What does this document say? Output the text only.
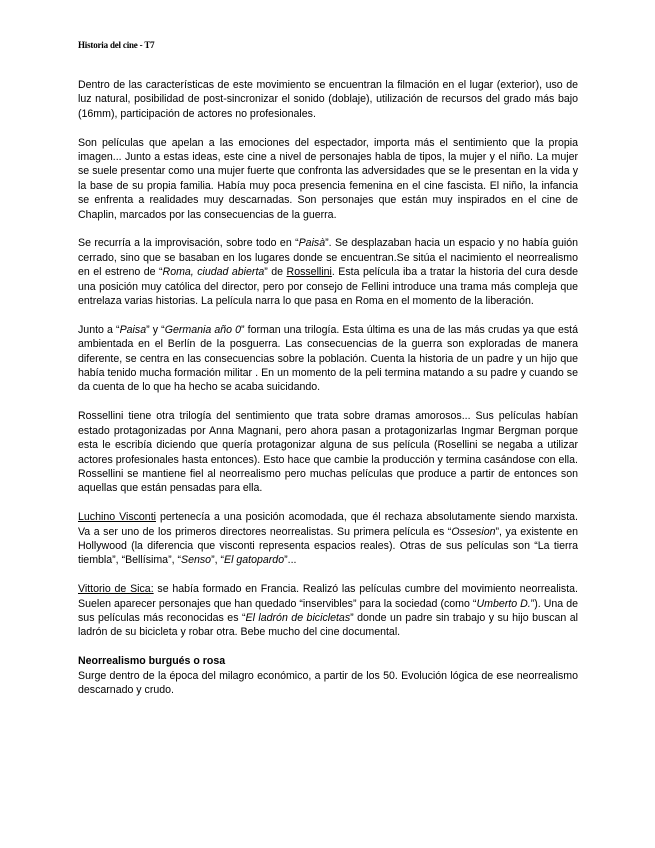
Historia del cine - T7

Dentro de las características de este movimiento se encuentran la filmación en el lugar (exterior), uso de luz natural, posibilidad de post-sincronizar el sonido (doblaje), utilización de recursos del grado más bajo (16mm), participación de actores no profesionales.

Son películas que apelan a las emociones del espectador, importa más el sentimiento que la propia imagen... Junto a estas ideas, este cine a nivel de personajes habla de tipos, la mujer y el niño. La mujer se suele presentar como una mujer fuerte que confronta las adversidades que se le presentan en la vida y la base de su propia familia. Había muy poca presencia femenina en el cine fascista. El niño, la infancia se enfrenta a realidades muy descarnadas. Son personajes que están muy inspirados en el cine de Chaplin, marcados por las consecuencias de la guerra.

Se recurría a la improvisación, sobre todo en “Paisà”. Se desplazaban hacia un espacio y no había guión cerrado, sino que se basaban en los lugares donde se encuentran.Se sitúa el nacimiento el neorrealismo en el estreno de “Roma, ciudad abierta” de Rossellini. Esta película iba a tratar la historia del cura desde una posición muy católica del director, pero por consejo de Fellini introduce una trama más compleja que entrelaza varias historias. La película narra lo que pasa en Roma en el momento de la liberación.

Junto a “Paisa” y “Germania año 0” forman una trilogía. Esta última es una de las más crudas ya que está ambientada en el Berlín de la posguerra. Las consecuencias de la guerra son exploradas de manera diferente, se centra en las consecuencias sobre la población. Cuenta la historia de un padre y un hijo que había tenido mucha formación militar . En un momento de la peli termina matando a su padre y cuando se da cuenta de lo que ha hecho se acaba suicidando.

Rossellini tiene otra trilogía del sentimiento que trata sobre dramas amorosos... Sus películas habían estado protagonizadas por Anna Magnani, pero ahora pasan a protagonizarlas Ingmar Bergman porque esta le escribía diciendo que quería protagonizar alguna de sus película (Rosellini se negaba a utilizar actores profesionales hasta entonces). Esto hace que cambie la producción y termina casándose con ella. Rossellini se mantiene fiel al neorrealismo pero muchas películas que produce a partir de entonces son aquellas que están pensadas para ella.

Luchino Visconti pertenecía a una posición acomodada, que él rechaza absolutamente siendo marxista. Va a ser uno de los primeros directores neorrealistas. Su primera película es “Ossesion”, ya existente en Hollywood (la diferencia que visconti representa espacios reales). Otras de sus películas son “La tierra tiembla”, “Bellísima”, “Senso”, “El gatopardo”...

Vittorio de Sica: se había formado en Francia. Realizó las películas cumbre del movimiento neorrealista. Suelen aparecer personajes que han quedado “inservibles” para la sociedad (como “Umberto D.”). Una de sus películas más reconocidas es “El ladrón de bicicletas” donde un padre sin trabajo y su hijo buscan al ladrón de su bicicleta y robar otra. Bebe mucho del cine documental.

Neorrealismo burgués o rosa

Surge dentro de la época del milagro económico, a partir de los 50. Evolución lógica de ese neorrealismo descarnado y crudo.
